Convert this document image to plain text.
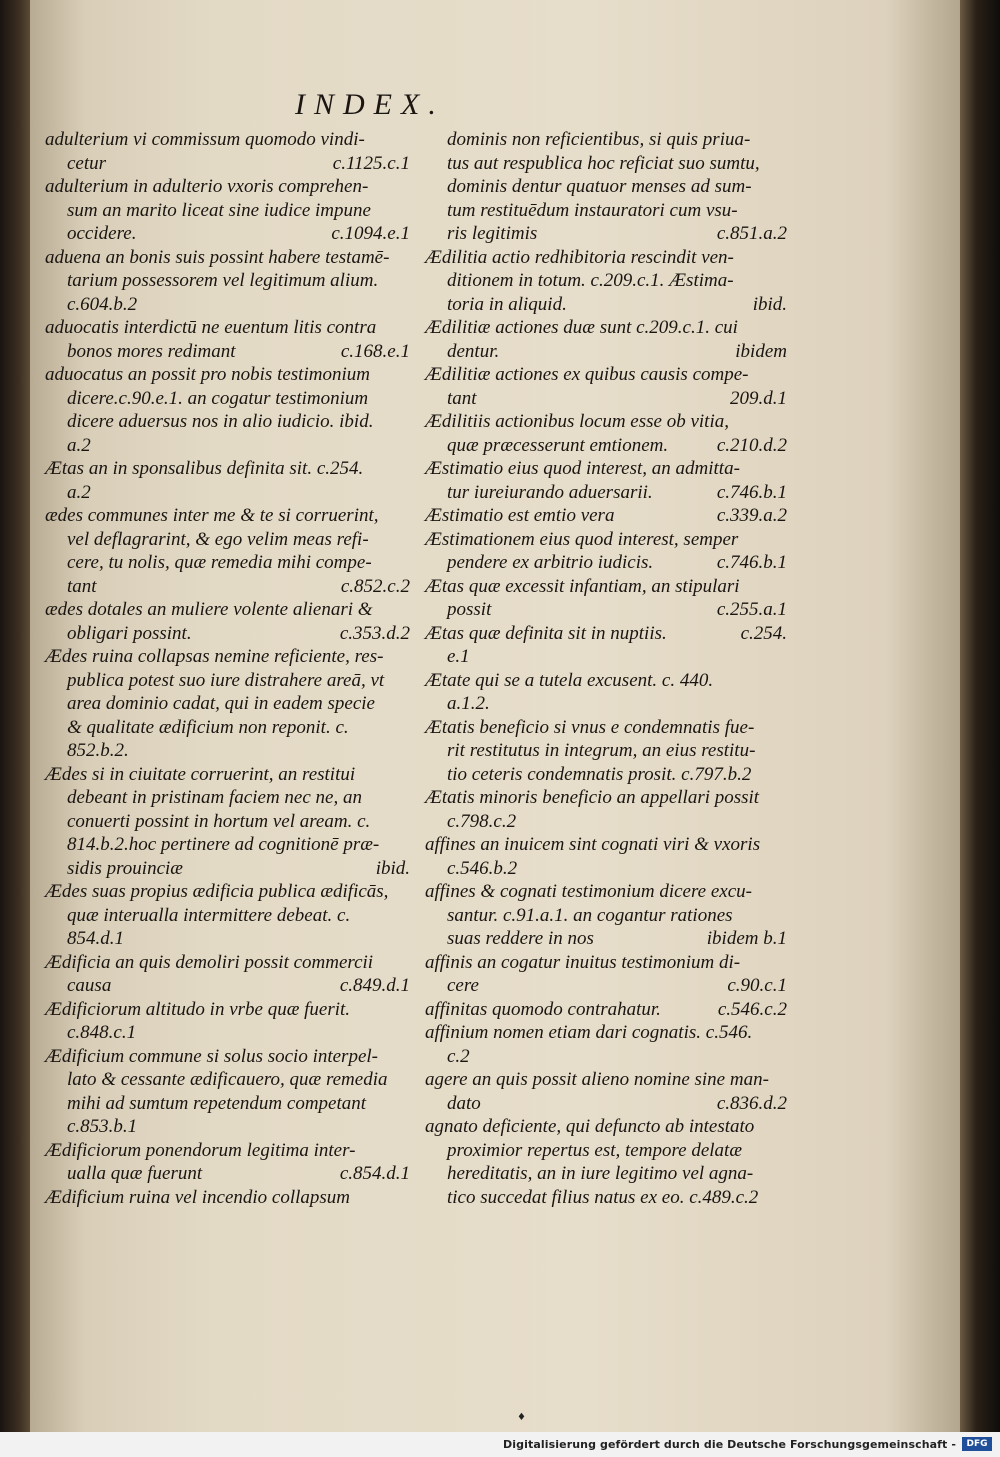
INDEX.
adulterium vi commissum quomodo vindi-
cetur	c.1125.c.1
adulterium in adulterio vxoris comprehen-
sum an marito liceat sine iudice impune
occidere.	c.1094.e.1
aduena an bonis suis possint habere testamē-
tarium possessorem vel legitimum alium.
c.604.b.2
aduocatis interdictū ne euentum litis contra
bonos mores redimant	c.168.e.1
aduocatus an possit pro nobis testimonium
dicere.c.90.e.1. an cogatur testimonium
dicere aduersus nos in alio iudicio. ibid.
a.2
Ætas an in sponsalibus definita sit. c.254.
a.2
ædes communes inter me & te si corruerint,
vel deflagrarint, & ego velim meas refi-
cere, tu nolis, quæ remedia mihi compe-
tant	c.852.c.2
ædes dotales an muliere volente alienari &
obligari possint.	c.353.d.2
Ædes ruina collapsas nemine reficiente, res-
publica potest suo iure distrahere areā, vt
area dominio cadat, qui in eadem specie
& qualitate ædificium non reponit. c.
852.b.2.
Ædes si in ciuitate corruerint, an restitui
debeant in pristinam faciem nec ne, an
conuerti possint in hortum vel aream. c.
814.b.2.hoc pertinere ad cognitionē præ-
sidis prouinciæ	ibid.
Ædes suas propius ædificia publica ædificās,
quæ interualla intermittere debeat. c.
854.d.1
Ædificia an quis demoliri possit commercii
causa	c.849.d.1
Ædificiorum altitudo in vrbe quæ fuerit.
c.848.c.1
Ædificium commune si solus socio interpel-
lato & cessante ædificauero, quæ remedia
mihi ad sumtum repetendum competant
c.853.b.1
Ædificiorum ponendorum legitima inter-
ualla quæ fuerunt	c.854.d.1
Ædificium ruina vel incendio collapsum
dominis non reficientibus, si quis priua-
tus aut respublica hoc reficiat suo sumtu,
dominis dentur quatuor menses ad sum-
tum restituēdum instauratori cum vsu-
ris legitimis	c.851.a.2
Ædilitia actio redhibitoria rescindit ven-
ditionem in totum. c.209.c.1. Æstima-
toria in aliquid.	ibid.
Ædilitiæ actiones duæ sunt c.209.c.1. cui
dentur.	ibidem
Ædilitiæ actiones ex quibus causis compe-
tant	209.d.1
Ædilitiis actionibus locum esse ob vitia,
quæ præcesserunt emtionem.	c.210.d.2
Æstimatio eius quod interest, an admitta-
tur iureiurando aduersarii.	c.746.b.1
Æstimatio est emtio vera	c.339.a.2
Æstimationem eius quod interest, semper
pendere ex arbitrio iudicis.	c.746.b.1
Ætas quæ excessit infantiam, an stipulari
possit	c.255.a.1
Ætas quæ definita sit in nuptiis.	c.254.
e.1
Ætate qui se a tutela excusent. c. 440.
a.1.2.
Ætatis beneficio si vnus e condemnatis fue-
rit restitutus in integrum, an eius restitu-
tio ceteris condemnatis prosit. c.797.b.2
Ætatis minoris beneficio an appellari possit
c.798.c.2
affines an inuicem sint cognati viri & vxoris
c.546.b.2
affines & cognati testimonium dicere excu-
santur. c.91.a.1. an cogantur rationes
suas reddere in nos	ibidem b.1
affinis an cogatur inuitus testimonium di-
cere	c.90.c.1
affinitas quomodo contrahatur.	c.546.c.2
affinium nomen etiam dari cognatis. c.546.
c.2
agere an quis possit alieno nomine sine man-
dato	c.836.d.2
agnato deficiente, qui defuncto ab intestato
proximior repertus est, tempore delatæ
hereditatis, an in iure legitimo vel agna-
tico succedat filius natus ex eo. c.489.c.2
♦
Digitalisierung gefördert durch die Deutsche Forschungsgemeinschaft -	DFG
